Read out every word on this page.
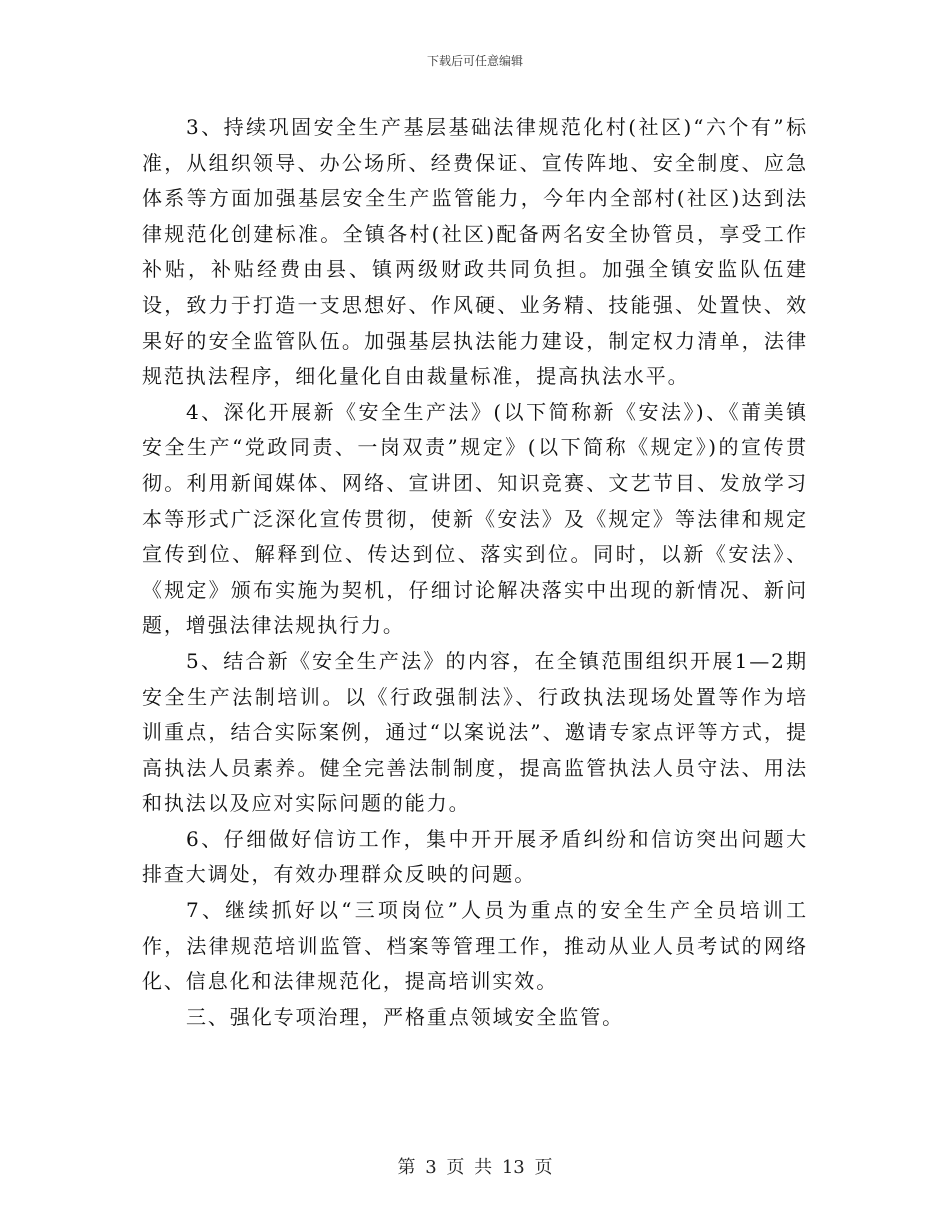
下载后可任意编辑

3、持续巩固安全生产基层基础法律规范化村(社区)“六个有”标准，从组织领导、办公场所、经费保证、宣传阵地、安全制度、应急体系等方面加强基层安全生产监管能力，今年内全部村(社区)达到法律规范化创建标准。全镇各村(社区)配备两名安全协管员，享受工作补贴，补贴经费由县、镇两级财政共同负担。加强全镇安监队伍建设，致力于打造一支思想好、作风硬、业务精、技能强、处置快、效果好的安全监管队伍。加强基层执法能力建设，制定权力清单，法律规范执法程序，细化量化自由裁量标准，提高执法水平。

4、深化开展新《安全生产法》(以下简称新《安法》)、《莆美镇安全生产“党政同责、一岗双责”规定》(以下简称《规定》)的宣传贯彻。利用新闻媒体、网络、宣讲团、知识竞赛、文艺节目、发放学习本等形式广泛深化宣传贯彻，使新《安法》及《规定》等法律和规定宣传到位、解释到位、传达到位、落实到位。同时，以新《安法》、《规定》颁布实施为契机，仔细讨论解决落实中出现的新情况、新问题，增强法律法规执行力。

5、结合新《安全生产法》的内容，在全镇范围组织开展1—2期安全生产法制培训。以《行政强制法》、行政执法现场处置等作为培训重点，结合实际案例，通过“以案说法”、邀请专家点评等方式，提高执法人员素养。健全完善法制制度，提高监管执法人员守法、用法和执法以及应对实际问题的能力。

6、仔细做好信访工作，集中开开展矛盾纠纷和信访突出问题大排查大调处，有效办理群众反映的问题。

7、继续抓好以“三项岗位”人员为重点的安全生产全员培训工作，法律规范培训监管、档案等管理工作，推动从业人员考试的网络化、信息化和法律规范化，提高培训实效。

三、强化专项治理，严格重点领域安全监管。

第 3 页 共 13 页
